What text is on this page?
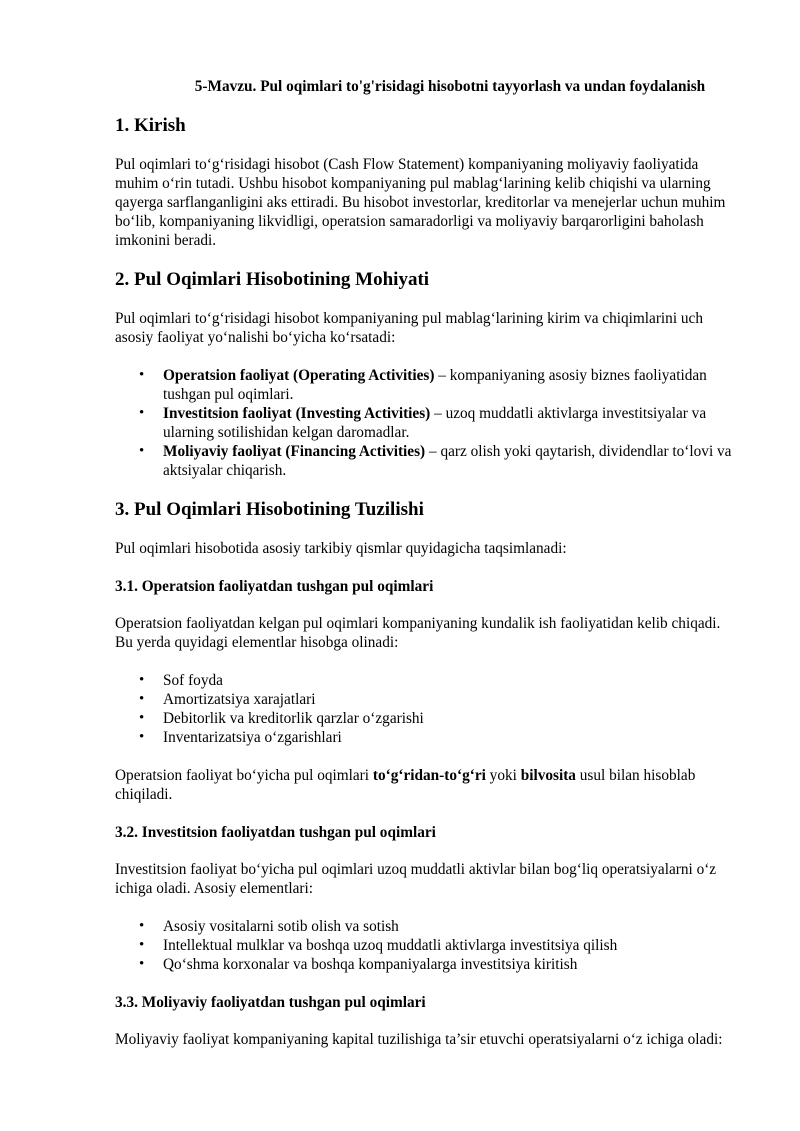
5-Mavzu. Pul oqimlari to'g'risidagi hisobotni tayyorlash va undan foydalanish
1. Kirish

Pul oqimlari to‘g‘risidagi hisobot (Cash Flow Statement) kompaniyaning moliyaviy faoliyatida muhim o‘rin tutadi. Ushbu hisobot kompaniyaning pul mablag‘larining kelib chiqishi va ularning qayerga sarflanganligini aks ettiradi. Bu hisobot investorlar, kreditorlar va menejerlar uchun muhim bo‘lib, kompaniyaning likvidligi, operatsion samaradorligi va moliyaviy barqarorligini baholash imkonini beradi.

2. Pul Oqimlari Hisobotining Mohiyati

Pul oqimlari to‘g‘risidagi hisobot kompaniyaning pul mablag‘larining kirim va chiqimlarini uch asosiy faoliyat yo‘nalishi bo‘yicha ko‘rsatadi:

• Operatsion faoliyat (Operating Activities) – kompaniyaning asosiy biznes faoliyatidan tushgan pul oqimlari.
• Investitsion faoliyat (Investing Activities) – uzoq muddatli aktivlarga investitsiyalar va ularning sotilishidan kelgan daromadlar.
• Moliyaviy faoliyat (Financing Activities) – qarz olish yoki qaytarish, dividendlar to‘lovi va aktsiyalar chiqarish.
3. Pul Oqimlari Hisobotining Tuzilishi

Pul oqimlari hisobotida asosiy tarkibiy qismlar quyidagicha taqsimlanadi:

3.1. Operatsion faoliyatdan tushgan pul oqimlari

Operatsion faoliyatdan kelgan pul oqimlari kompaniyaning kundalik ish faoliyatidan kelib chiqadi. Bu yerda quyidagi elementlar hisobga olinadi:

• Sof foyda
• Amortizatsiya xarajatlari
• Debitorlik va kreditorlik qarzlar o‘zgarishi
• Inventarizatsiya o‘zgarishlari

Operatsion faoliyat bo‘yicha pul oqimlari to‘g‘ridan-to‘g‘ri yoki bilvosita usul bilan hisoblab chiqiladi.

3.2. Investitsion faoliyatdan tushgan pul oqimlari

Investitsion faoliyat bo‘yicha pul oqimlari uzoq muddatli aktivlar bilan bog‘liq operatsiyalarni o‘z ichiga oladi. Asosiy elementlari:

• Asosiy vositalarni sotib olish va sotish
• Intellektual mulklar va boshqa uzoq muddatli aktivlarga investitsiya qilish
• Qo‘shma korxonalar va boshqa kompaniyalarga investitsiya kiritish
3.3. Moliyaviy faoliyatdan tushgan pul oqimlari

Moliyaviy faoliyat kompaniyaning kapital tuzilishiga ta’sir etuvchi operatsiyalarni o‘z ichiga oladi:
